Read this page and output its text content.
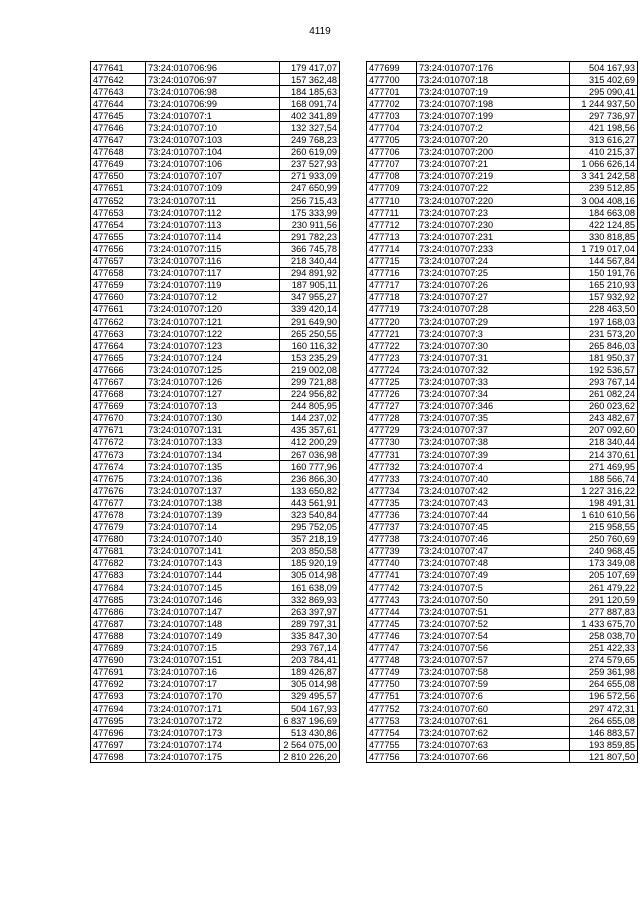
4119
477641	73:24:010706:96	179 417,07
477642	73:24:010706:97	157 362,48
477643	73:24:010706:98	184 185,63
477644	73:24:010706:99	168 091,74
477645	73:24:010707:1	402 341,89
477646	73:24:010707:10	132 327,54
477647	73:24:010707:103	249 768,23
477648	73:24:010707:104	260 619,09
477649	73:24:010707:106	237 527,93
477650	73:24:010707:107	271 933,09
477651	73:24:010707:109	247 650,99
477652	73:24:010707:11	256 715,43
477653	73:24:010707:112	175 333,99
477654	73:24:010707:113	230 911,56
477655	73:24:010707:114	291 782,23
477656	73:24:010707:115	366 745,78
477657	73:24:010707:116	218 340,44
477658	73:24:010707:117	294 891,92
477659	73:24:010707:119	187 905,11
477660	73:24:010707:12	347 955,27
477661	73:24:010707:120	339 420,14
477662	73:24:010707:121	291 649,90
477663	73:24:010707:122	265 250,55
477664	73:24:010707:123	160 116,32
477665	73:24:010707:124	153 235,29
477666	73:24:010707:125	219 002,08
477667	73:24:010707:126	299 721,88
477668	73:24:010707:127	224 956,82
477669	73:24:010707:13	244 805,95
477670	73:24:010707:130	144 237,02
477671	73:24:010707:131	435 357,61
477672	73:24:010707:133	412 200,29
477673	73:24:010707:134	267 036,98
477674	73:24:010707:135	160 777,96
477675	73:24:010707:136	236 866,30
477676	73:24:010707:137	133 650,82
477677	73:24:010707:138	443 561,91
477678	73:24:010707:139	323 540,84
477679	73:24:010707:14	295 752,05
477680	73:24:010707:140	357 218,19
477681	73:24:010707:141	203 850,58
477682	73:24:010707:143	185 920,19
477683	73:24:010707:144	305 014,98
477684	73:24:010707:145	161 638,09
477685	73:24:010707:146	332 869,93
477686	73:24:010707:147	263 397,97
477687	73:24:010707:148	289 797,31
477688	73:24:010707:149	335 847,30
477689	73:24:010707:15	293 767,14
477690	73:24:010707:151	203 784,41
477691	73:24:010707:16	189 426,87
477692	73:24:010707:17	305 014,98
477693	73:24:010707:170	329 495,57
477694	73:24:010707:171	504 167,93
477695	73:24:010707:172	6 837 196,69
477696	73:24:010707:173	513 430,86
477697	73:24:010707:174	2 564 075,00
477698	73:24:010707:175	2 810 226,20
477699	73:24:010707:176	504 167,93
477700	73:24:010707:18	315 402,69
477701	73:24:010707:19	295 090,41
477702	73:24:010707:198	1 244 937,50
477703	73:24:010707:199	297 736,97
477704	73:24:010707:2	421 198,56
477705	73:24:010707:20	313 616,27
477706	73:24:010707:200	410 215,37
477707	73:24:010707:21	1 066 626,14
477708	73:24:010707:219	3 341 242,58
477709	73:24:010707:22	239 512,85
477710	73:24:010707:220	3 004 408,16
477711	73:24:010707:23	184 663,08
477712	73:24:010707:230	422 124,85
477713	73:24:010707:231	330 818,85
477714	73:24:010707:233	1 719 017,04
477715	73:24:010707:24	144 567,84
477716	73:24:010707:25	150 191,76
477717	73:24:010707:26	165 210,93
477718	73:24:010707:27	157 932,92
477719	73:24:010707:28	228 463,50
477720	73:24:010707:29	197 168,03
477721	73:24:010707:3	231 573,20
477722	73:24:010707:30	265 846,03
477723	73:24:010707:31	181 950,37
477724	73:24:010707:32	192 536,57
477725	73:24:010707:33	293 767,14
477726	73:24:010707:34	261 082,24
477727	73:24:010707:346	260 023,62
477728	73:24:010707:35	243 482,67
477729	73:24:010707:37	207 092,60
477730	73:24:010707:38	218 340,44
477731	73:24:010707:39	214 370,61
477732	73:24:010707:4	271 469,95
477733	73:24:010707:40	188 566,74
477734	73:24:010707:42	1 227 316,22
477735	73:24:010707:43	198 491,31
477736	73:24:010707:44	1 610 610,56
477737	73:24:010707:45	215 958,55
477738	73:24:010707:46	250 760,69
477739	73:24:010707:47	240 968,45
477740	73:24:010707:48	173 349,08
477741	73:24:010707:49	205 107,69
477742	73:24:010707:5	261 479,22
477743	73:24:010707:50	291 120,59
477744	73:24:010707:51	277 887,83
477745	73:24:010707:52	1 433 675,70
477746	73:24:010707:54	258 038,70
477747	73:24:010707:56	251 422,33
477748	73:24:010707:57	274 579,65
477749	73:24:010707:58	259 361,98
477750	73:24:010707:59	264 655,08
477751	73:24:010707:6	196 572,56
477752	73:24:010707:60	297 472,31
477753	73:24:010707:61	264 655,08
477754	73:24:010707:62	146 883,57
477755	73:24:010707:63	193 859,85
477756	73:24:010707:66	121 807,50
